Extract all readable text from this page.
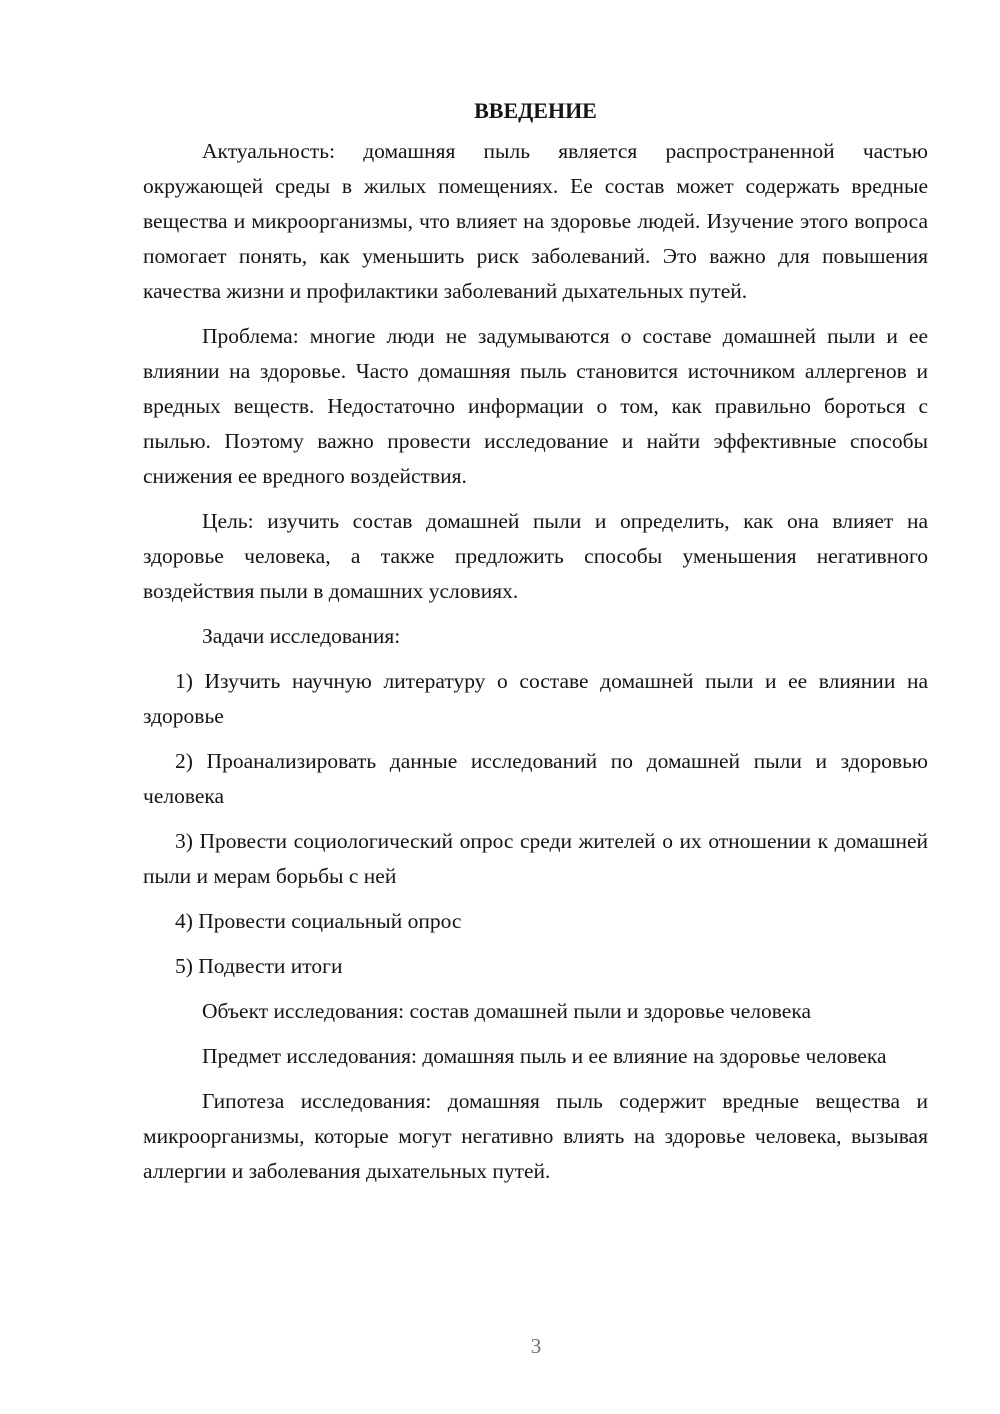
ВВЕДЕНИЕ

Актуальность: домашняя пыль является распространенной частью окружающей среды в жилых помещениях. Ее состав может содержать вредные вещества и микроорганизмы, что влияет на здоровье людей. Изучение этого вопроса помогает понять, как уменьшить риск заболеваний. Это важно для повышения качества жизни и профилактики заболеваний дыхательных путей.

Проблема: многие люди не задумываются о составе домашней пыли и ее влиянии на здоровье. Часто домашняя пыль становится источником аллергенов и вредных веществ. Недостаточно информации о том, как правильно бороться с пылью. Поэтому важно провести исследование и найти эффективные способы снижения ее вредного воздействия.

Цель: изучить состав домашней пыли и определить, как она влияет на здоровье человека, а также предложить способы уменьшения негативного воздействия пыли в домашних условиях.

Задачи исследования:

1) Изучить научную литературу о составе домашней пыли и ее влиянии на здоровье

2) Проанализировать данные исследований по домашней пыли и здоровью человека

3) Провести социологический опрос среди жителей о их отношении к домашней пыли и мерам борьбы с ней

4) Провести социальный опрос

5) Подвести итоги

Объект исследования: состав домашней пыли и здоровье человека

Предмет исследования: домашняя пыль и ее влияние на здоровье человека

Гипотеза исследования: домашняя пыль содержит вредные вещества и микроорганизмы, которые могут негативно влиять на здоровье человека, вызывая аллергии и заболевания дыхательных путей.

3
